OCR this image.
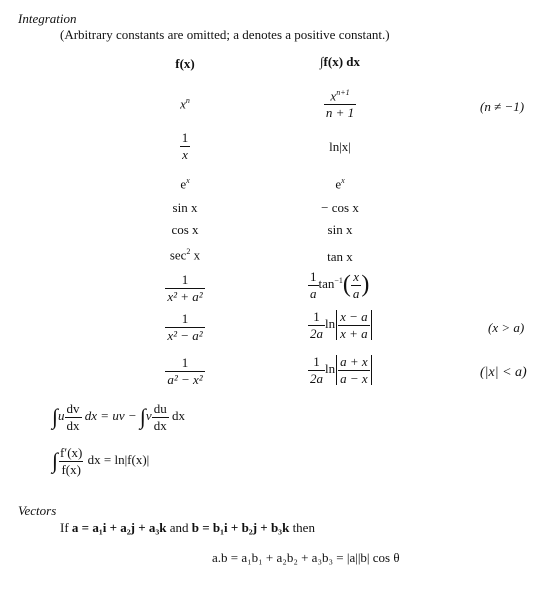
Integration
(Arbitrary constants are omitted; a denotes a positive constant.)
f(x)	∫f(x) dx
$x^n$	$\frac{x^{n+1}}{n + 1}$	(n ≠ −1)
$\frac{1}{x}$	ln|x|
$e^x$	$e^x$
sin x	− cos x
cos x	sin x
$\sec^2 x$	tan x
$\frac{1}{\text{x² + a²}}$	$\frac{1}{a} \tan^{-1}( \frac{x}{a}$ )
$\frac{1}{\text{x² − a²}}$	$\frac{1}{2a}$ $\ln \frac{x - a}{x + a}$	(x > a)
$\frac{1}{\text{a² − x²}}$	$\frac{1}{2a}$ $\ln \frac{a + x}{a - x}$	(|x| < a)
$\int u \frac{dv}{dx}$ dx = uv − $\int v \frac{du}{dx}$ dx
∫ $\frac{f'(x)}{f(x)}$ dx = ln|f(x)|
Vectors
If a = a₁i + a₂j + a₃k and b = b₁i + b₂j + b₃k then
a.b = a₁b₁ + a₂b₂ + a₃b₃ = |a||b| cos θ
